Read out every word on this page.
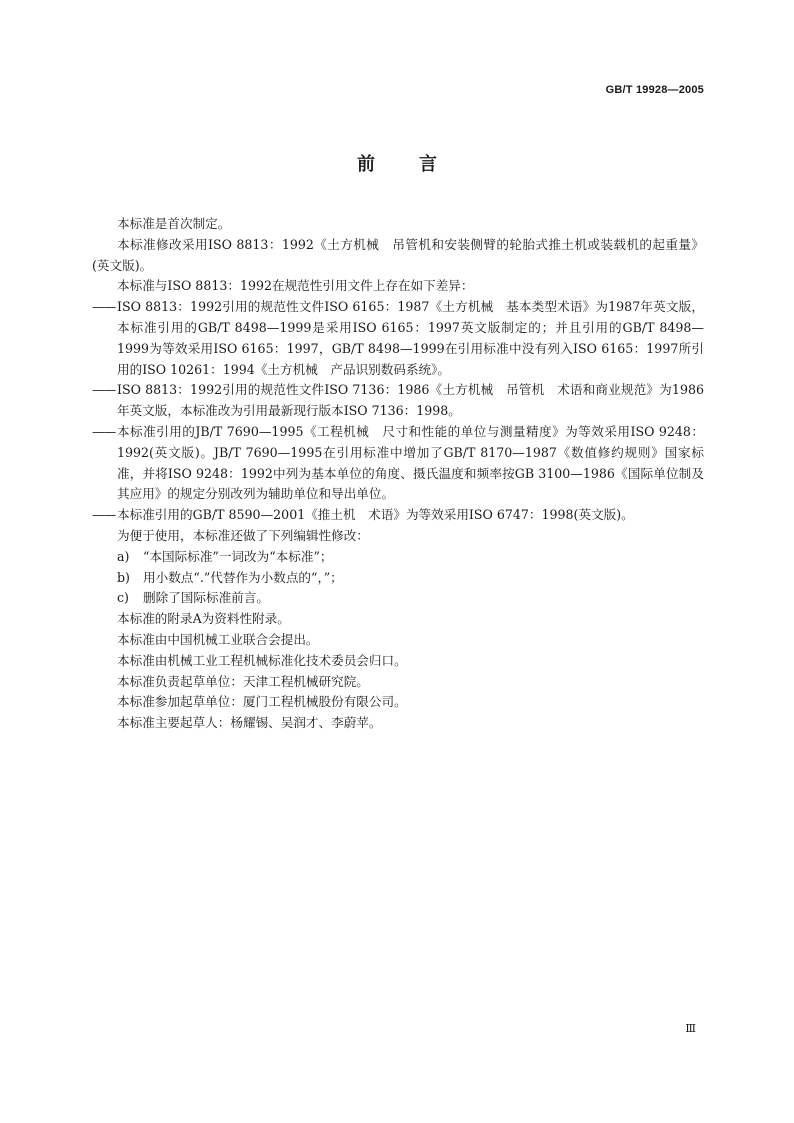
GB/T 19928—2005
前言

本标准是首次制定。

本标准修改采用ISO 8813：1992《土方机械　吊管机和安装侧臂的轮胎式推土机或装载机的起重量》(英文版)。

本标准与ISO 8813：1992在规范性引用文件上存在如下差异：

—— ISO 8813：1992引用的规范性文件ISO 6165：1987《土方机械　基本类型术语》为1987年英文版，本标准引用的GB/T 8498—1999是采用ISO 6165：1997英文版制定的；并且引用的GB/T 8498—1999为等效采用ISO 6165：1997，GB/T 8498—1999在引用标准中没有列入ISO 6165：1997所引用的ISO 10261：1994《土方机械　产品识别数码系统》。
—— ISO 8813：1992引用的规范性文件ISO 7136：1986《土方机械　吊管机　术语和商业规范》为1986年英文版，本标准改为引用最新现行版本ISO 7136：1998。
—— 本标准引用的JB/T 7690—1995《工程机械　尺寸和性能的单位与测量精度》为等效采用ISO 9248：1992(英文版)。JB/T 7690—1995在引用标准中增加了GB/T 8170—1987《数值修约规则》国家标准，并将ISO 9248：1992中列为基本单位的角度、摄氏温度和频率按GB 3100—1986《国际单位制及其应用》的规定分别改列为辅助单位和导出单位。
—— 本标准引用的GB/T 8590—2001《推土机　术语》为等效采用ISO 6747：1998(英文版)。

为便于使用，本标准还做了下列编辑性修改：

a)	“本国际标准”一词改为“本标准”；
b)	用小数点“.”代替作为小数点的“，”；
c)	删除了国际标准前言。

本标准的附录A为资料性附录。

本标准由中国机械工业联合会提出。

本标准由机械工业工程机械标准化技术委员会归口。

本标准负责起草单位：天津工程机械研究院。

本标准参加起草单位：厦门工程机械股份有限公司。

本标准主要起草人：杨耀锡、吴润才、李蔚苹。

Ⅲ
